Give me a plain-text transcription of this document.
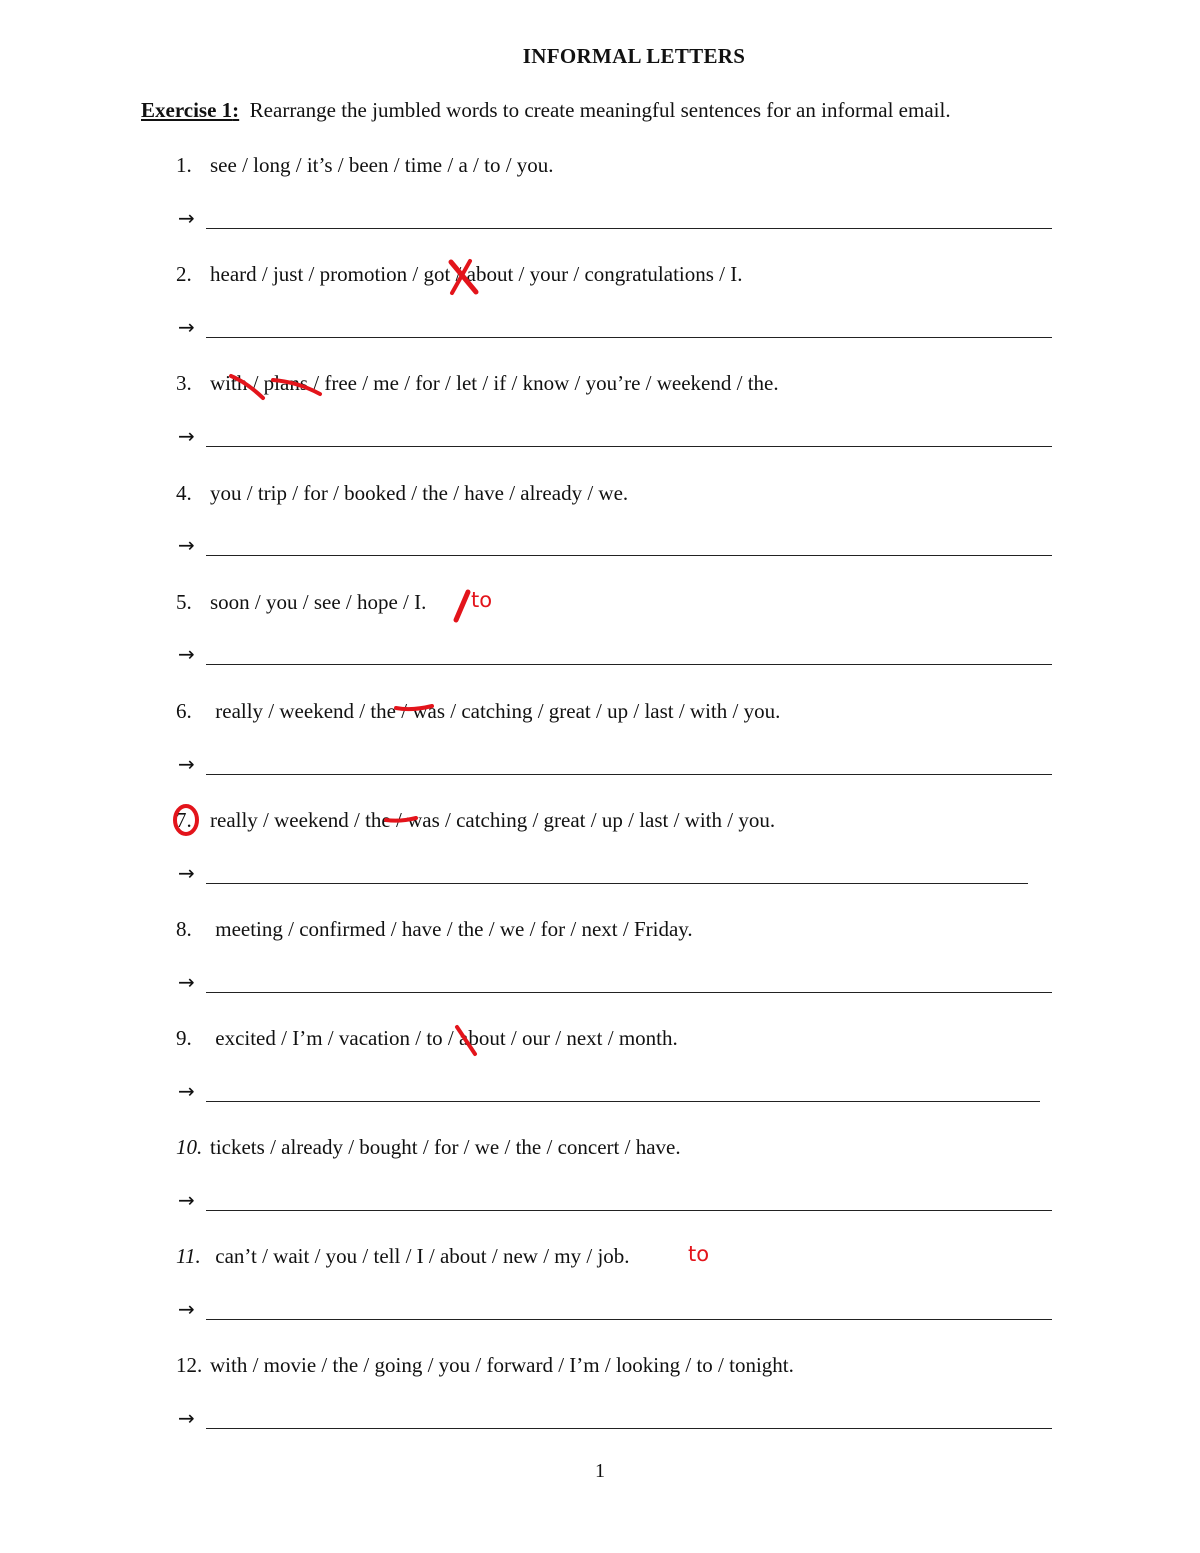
INFORMAL LETTERS
Exercise 1: Rearrange the jumbled words to create meaningful sentences for an informal email.
1. see / long / it’s / been / time / a / to / you.
→
2. heard / just / promotion / got / about / your / congratulations / I.
→
3. with / plans / free / me / for / let / if / know / you’re / weekend / the.
→
4. you / trip / for / booked / the / have / already / we.
→
5. soon / you / see / hope / I. to
→
6. really / weekend / the / was / catching / great / up / last / with / you.
→
7. really / weekend / the / was / catching / great / up / last / with / you.
→
8. meeting / confirmed / have / the / we / for / next / Friday.
→
9. excited / I’m / vacation / to / about / our / next / month.
→
10. tickets / already / bought / for / we / the / concert / have.
→
11. can’t / wait / you / tell / I / about / new / my / job.	to
→
12. with / movie / the / going / you / forward / I’m / looking / to / tonight.
→
1
